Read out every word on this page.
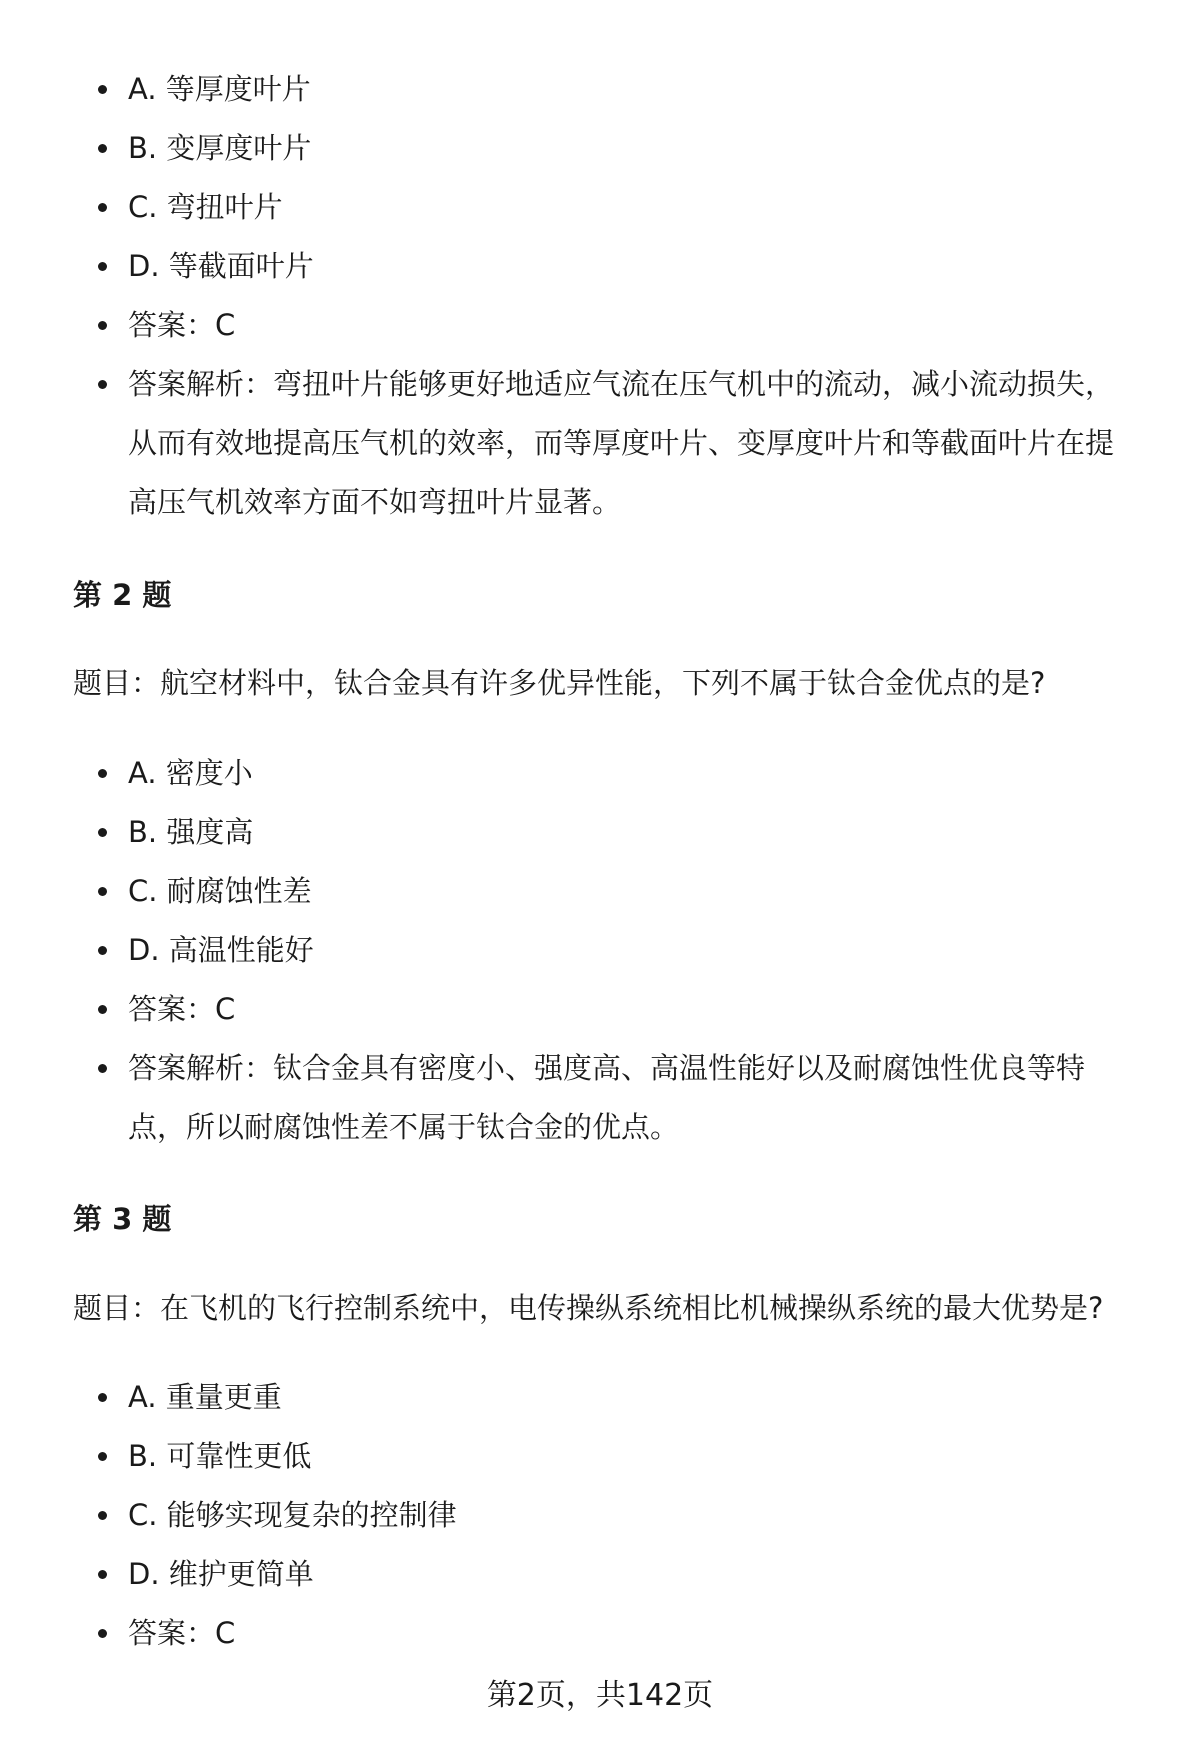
A. 等厚度叶片
B. 变厚度叶片
C. 弯扭叶片
D. 等截面叶片
答案：C
答案解析：弯扭叶片能够更好地适应气流在压气机中的流动，减小流动损失，从而有效地提高压气机的效率，而等厚度叶片、变厚度叶片和等截面叶片在提高压气机效率方面不如弯扭叶片显著。
第 2 题
题目：航空材料中，钛合金具有许多优异性能，下列不属于钛合金优点的是?
A. 密度小
B. 强度高
C. 耐腐蚀性差
D. 高温性能好
答案：C
答案解析：钛合金具有密度小、强度高、高温性能好以及耐腐蚀性优良等特点，所以耐腐蚀性差不属于钛合金的优点。
第 3 题
题目：在飞机的飞行控制系统中，电传操纵系统相比机械操纵系统的最大优势是?
A. 重量更重
B. 可靠性更低
C. 能够实现复杂的控制律
D. 维护更简单
答案：C
第2页，共142页
